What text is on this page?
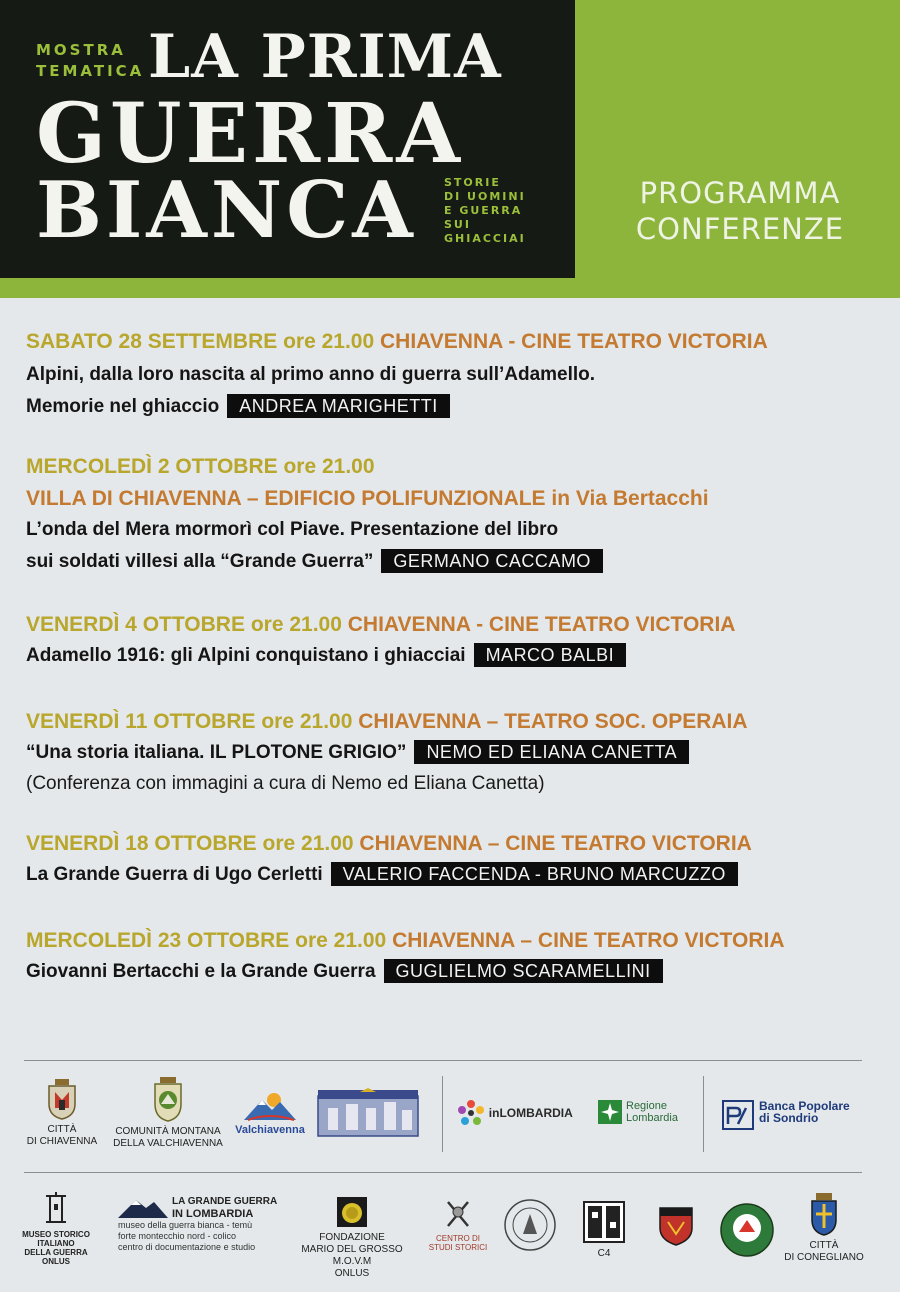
MOSTRA
TEMATICA LA PRIMA
GUERRA
BIANCA STORIE
DI UOMINI
E GUERRA
SUI
GHIACCIAI
PROGRAMMA
CONFERENZE
SABATO 28 SETTEMBRE ore 21.00 CHIAVENNA - CINE TEATRO VICTORIA
Alpini, dalla loro nascita al primo anno di guerra sull’Adamello.
Memorie nel ghiaccio ANDREA MARIGHETTI
MERCOLEDÌ 2 OTTOBRE ore 21.00
VILLA DI CHIAVENNA – EDIFICIO POLIFUNZIONALE in Via Bertacchi
L’onda del Mera mormorì col Piave. Presentazione del libro
sui soldati villesi alla “Grande Guerra” GERMANO CACCAMO
VENERDÌ 4 OTTOBRE ore 21.00 CHIAVENNA - CINE TEATRO VICTORIA
Adamello 1916: gli Alpini conquistano i ghiacciai MARCO BALBI
VENERDÌ 11 OTTOBRE ore 21.00 CHIAVENNA – TEATRO SOC. OPERAIA
“Una storia italiana. IL PLOTONE GRIGIO” NEMO ED ELIANA CANETTA
(Conferenza con immagini a cura di Nemo ed Eliana Canetta)
VENERDÌ 18 OTTOBRE ore 21.00 CHIAVENNA – CINE TEATRO VICTORIA
La Grande Guerra di Ugo Cerletti VALERIO FACCENDA - BRUNO MARCUZZO
MERCOLEDÌ 23 OTTOBRE ore 21.00 CHIAVENNA – CINE TEATRO VICTORIA
Giovanni Bertacchi e la Grande Guerra GUGLIELMO SCARAMELLINI
CITTÀ
DI CHIAVENNA
COMUNITÀ MONTANA
DELLA VALCHIAVENNA
Valchiavenna
inLOMBARDIA	Regione
Lombardia
Banca Popolare
di Sondrio
MUSEO STORICO
ITALIANO
DELLA GUERRA
ONLUS
LA GRANDE GUERRA
IN LOMBARDIA
museo della guerra bianca - temù
forte montecchio nord - colico
centro di documentazione e studio
FONDAZIONE
MARIO DEL GROSSO M.O.V.M
ONLUS
CENTRO DI
STUDI STORICI
C4
CITTÀ
DI CONEGLIANO
